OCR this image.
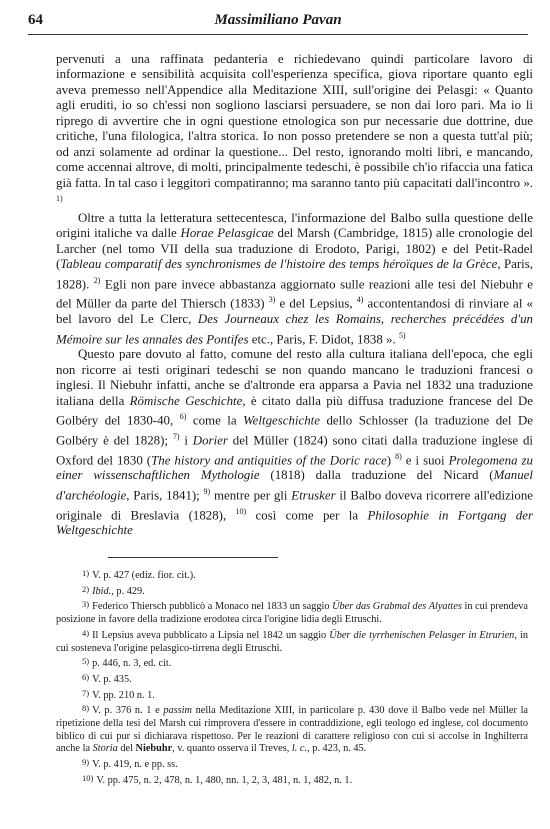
64	Massimiliano Pavan

pervenuti a una raffinata pedanteria e richiedevano quindi particolare lavoro di informazione e sensibilità acquisita coll'esperienza specifica, giova riportare quanto egli aveva premesso nell'Appendice alla Meditazione XIII, sull'origine dei Pelasgi: « Quanto agli eruditi, io so ch'essi non sogliono lasciarsi persuadere, se non dai loro pari. Ma io li ripregо di avvertire che in ogni questione etnologica son pur necessarie due dottrine, due critiche, l'una filologica, l'altra storica. Io non posso pretendere se non a questa tutt'al più; od anzi solamente ad ordinar la questione... Del resto, ignorando molti libri, e mancando, come accennai altrove, di molti, principalmente tedeschi, è possibile ch'io rifaccia una fatica già fatta. In tal caso i leggitori compatiranno; ma saranno tanto più capacitati dall'incontro ». $^{1)}$

Oltre a tutta la letteratura settecentesca, l'informazione del Balbo sulla questione delle origini italiche va dalle Horae Pelasgicae del Marsh (Cambridge, 1815) alle cronologie del Larcher (nel tomo VII della sua traduzione di Erodoto, Parigi, 1802) e del Petit-Radel (Tableau comparatif des synchronismes de l'histoire des temps héroïques de la Grèce, Paris, 1828). $^{2)}$ Egli non pare invece abbastanza aggiornato sulle reazioni alle tesi del Niebuhr e del Müller da parte del Thiersch (1833) $^{3)}$ e del Lepsius, $^{4)}$ accontentandosi di rinviare al « bel lavoro del Le Clerc, Des Journeaux chez les Romains, recherches précédées d'un Mémoire sur les annales des Pontifes etc., Paris, F. Didot, 1838 ». $^{5)}$

Questo pare dovuto al fatto, comune del resto alla cultura italiana dell'epoca, che egli non ricorre ai testi originari tedeschi se non quando mancano le traduzioni francesi o inglesi. Il Niebuhr infatti, anche se d'altronde era apparsa a Pavia nel 1832 una traduzione italiana della Römische Geschichte, è citato dalla più diffusa traduzione francese del De Golbéry del 1830-40, $^{6)}$ come la Weltgeschichte dello Schlosser (la traduzione del De Golbéry è del 1828); $^{7)}$ i Dorier del Müller (1824) sono citati dalla traduzione inglese di Oxford del 1830 (The history and antiquities of the Doric race) $^{8)}$ e i suoi Prolegomena zu einer wissenschaftlichen Mythologie (1818) dalla traduzione del Nicard (Manuel d'archéologie, Paris, 1841); $^{9)}$ mentre per gli Etrusker il Balbo doveva ricorrere all'edizione originale di Breslavia (1828), $^{10)}$ così come per la Philosophie in Fortgang der Weltgeschichte

1) V. p. 427 (ediz. fior. cit.).
2) Ibid., p. 429.
3) Federico Thiersch pubblicò a Monaco nel 1833 un saggio Über das Grabmal des Alyattes in cui prendeva posizione in favore della tradizione erodotea circa l'origine lidia degli Etruschi.
4) Il Lepsius aveva pubblicato a Lipsia nel 1842 un saggio Über die tyrrhenischen Pelasger in Etrurien, in cui sosteneva l'origine pelasgico-tirrena degli Etruschi.
5) p. 446, n. 3, ed. cit.
6) V. p. 435.
7) V. pp. 210 n. 1.
8) V. p. 376 n. 1 e passim nella Meditazione XIII, in particolare p. 430 dove il Balbo vede nel Müller la ripetizione della tesi del Marsh cui rimprovera d'essere in contraddizione, egli teologo ed inglese, col documento biblico di cui pur si dichiarava rispettoso. Per le reazioni di carattere religioso con cui si accolse in Inghilterra anche la Storia del Niebuhr, v. quanto osserva il Treves, l. c., p. 423, n. 45.
9) V. p. 419, n. e pp. ss.
10) V. pp. 475, n. 2, 478, n. 1, 480, nn. 1, 2, 3, 481, n. 1, 482, n. 1.
